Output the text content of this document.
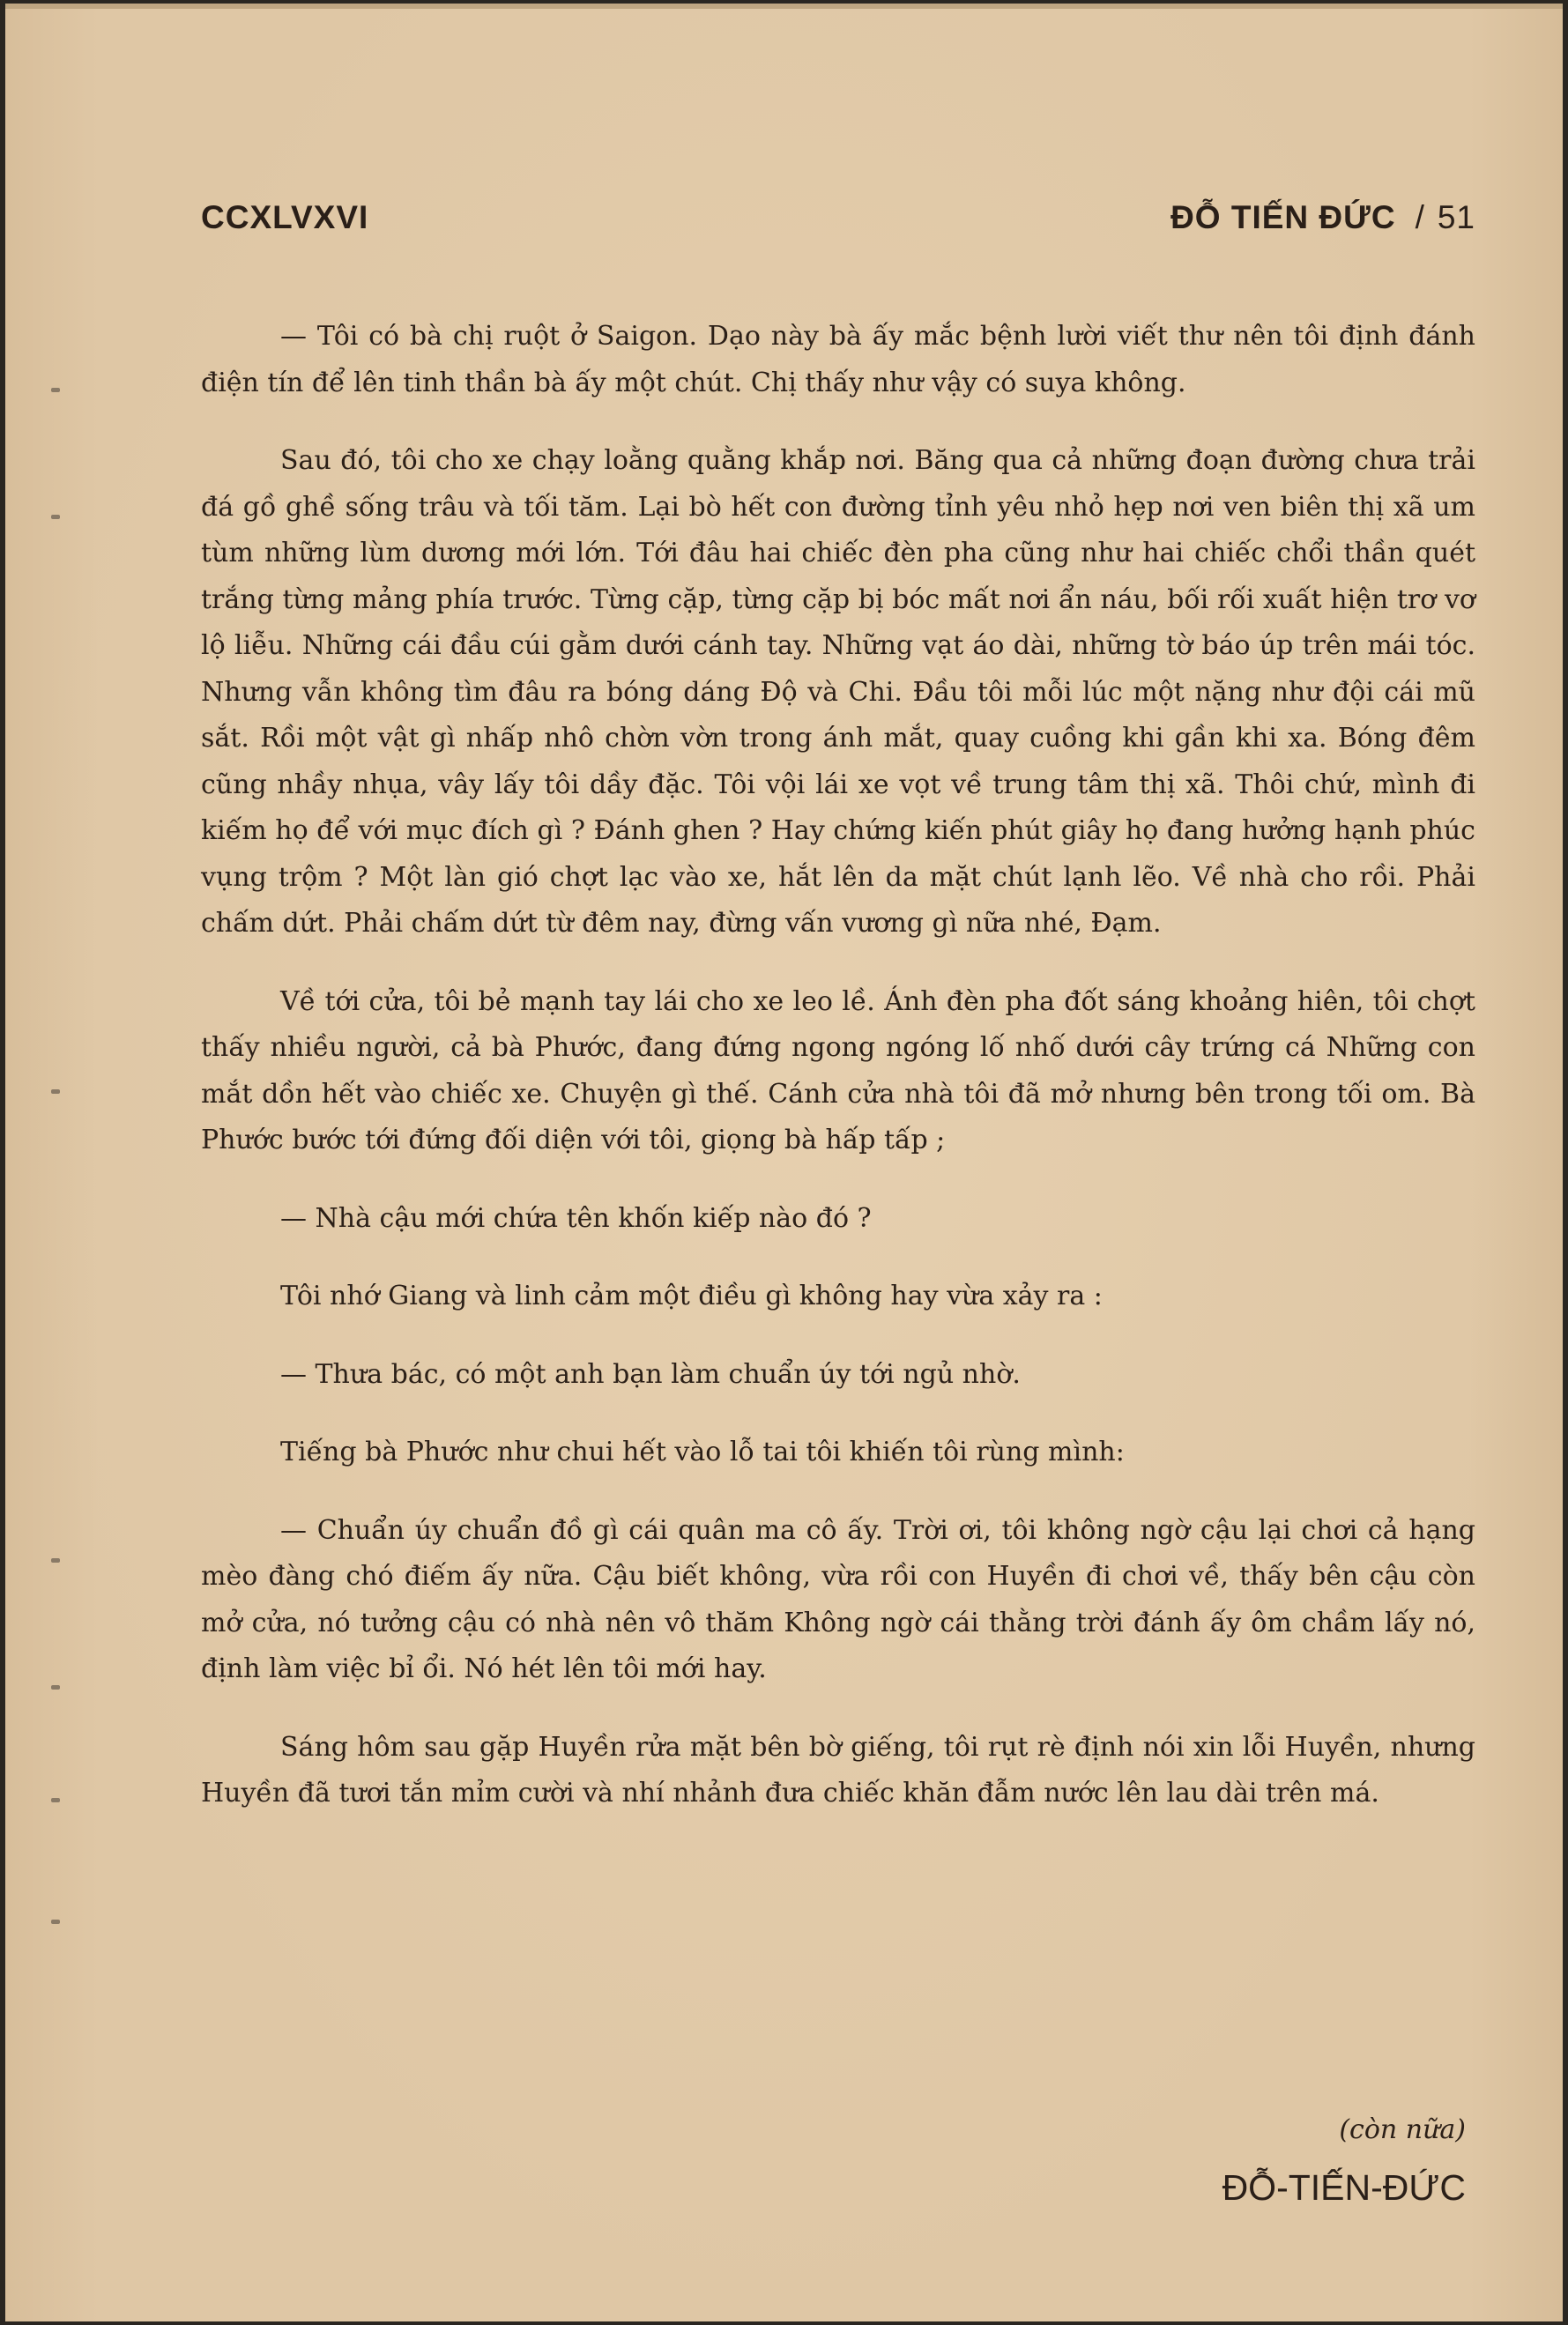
CCXLVXVI	ĐỖ TIẾN ĐỨC / 51

— Tôi có bà chị ruột ở Saigon. Dạo này bà ấy mắc bệnh lười viết thư nên tôi định đánh điện tín để lên tinh thần bà ấy một chút. Chị thấy như vậy có suya không.

Sau đó, tôi cho xe chạy loằng quằng khắp nơi. Băng qua cả những đoạn đường chưa trải đá gồ ghề sống trâu và tối tăm. Lại bò hết con đường tỉnh yêu nhỏ hẹp nơi ven biên thị xã um tùm những lùm dương mới lớn. Tới đâu hai chiếc đèn pha cũng như hai chiếc chổi thần quét trắng từng mảng phía trước. Từng cặp, từng cặp bị bóc mất nơi ẩn náu, bối rối xuất hiện trơ vơ lộ liễu. Những cái đầu cúi gằm dưới cánh tay. Những vạt áo dài, những tờ báo úp trên mái tóc. Nhưng vẫn không tìm đâu ra bóng dáng Độ và Chi. Đầu tôi mỗi lúc một nặng như đội cái mũ sắt. Rồi một vật gì nhấp nhô chờn vờn trong ánh mắt, quay cuồng khi gần khi xa. Bóng đêm cũng nhầy nhụa, vây lấy tôi dầy đặc. Tôi vội lái xe vọt về trung tâm thị xã. Thôi chứ, mình đi kiếm họ để với mục đích gì ? Đánh ghen ? Hay chứng kiến phút giây họ đang hưởng hạnh phúc vụng trộm ? Một làn gió chợt lạc vào xe, hắt lên da mặt chút lạnh lẽo. Về nhà cho rồi. Phải chấm dứt. Phải chấm dứt từ đêm nay, đừng vấn vương gì nữa nhé, Đạm.

Về tới cửa, tôi bẻ mạnh tay lái cho xe leo lề. Ánh đèn pha đốt sáng khoảng hiên, tôi chợt thấy nhiều người, cả bà Phước, đang đứng ngong ngóng lố nhố dưới cây trứng cá Những con mắt dồn hết vào chiếc xe. Chuyện gì thế. Cánh cửa nhà tôi đã mở nhưng bên trong tối om. Bà Phước bước tới đứng đối diện với tôi, giọng bà hấp tấp ;

— Nhà cậu mới chứa tên khốn kiếp nào đó ?

Tôi nhớ Giang và linh cảm một điều gì không hay vừa xảy ra :

— Thưa bác, có một anh bạn làm chuẩn úy tới ngủ nhờ.

Tiếng bà Phước như chui hết vào lỗ tai tôi khiến tôi rùng mình:

— Chuẩn úy chuẩn đồ gì cái quân ma cô ấy. Trời ơi, tôi không ngờ cậu lại chơi cả hạng mèo đàng chó điếm ấy nữa. Cậu biết không, vừa rồi con Huyền đi chơi về, thấy bên cậu còn mở cửa, nó tưởng cậu có nhà nên vô thăm Không ngờ cái thằng trời đánh ấy ôm chầm lấy nó, định làm việc bỉ ổi. Nó hét lên tôi mới hay.

Sáng hôm sau gặp Huyền rửa mặt bên bờ giếng, tôi rụt rè định nói xin lỗi Huyền, nhưng Huyền đã tươi tắn mỉm cười và nhí nhảnh đưa chiếc khăn đẫm nước lên lau dài trên má.

(còn nữa)
ĐỖ-TIẾN-ĐỨC
